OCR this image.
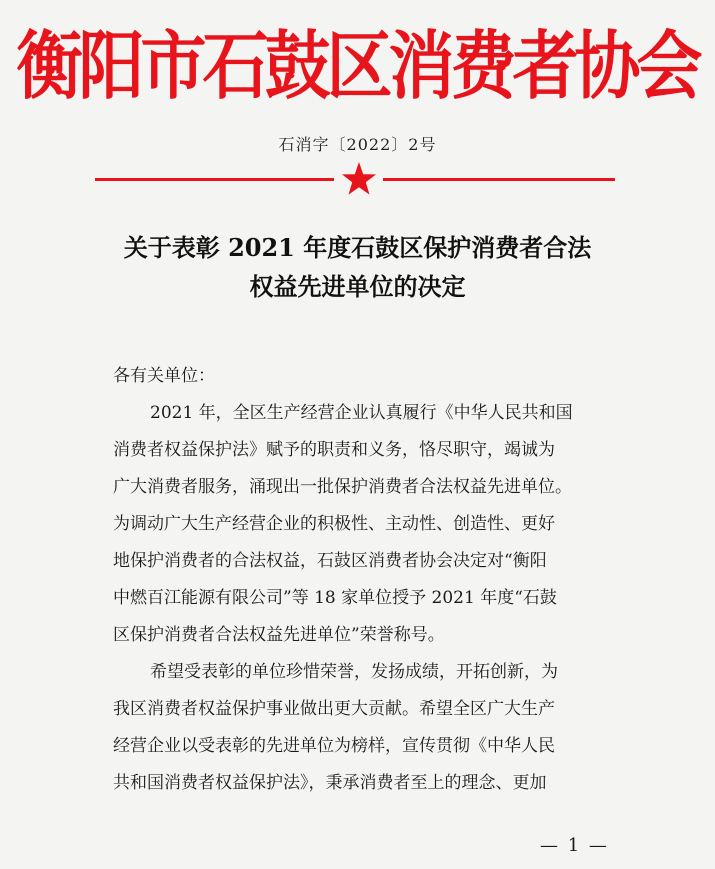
衡阳市石鼓区消费者协会
石消字〔2022〕2号
关于表彰 2021 年度石鼓区保护消费者合法
权益先进单位的决定
各有关单位：
2021 年，全区生产经营企业认真履行《中华人民共和国
消费者权益保护法》赋予的职责和义务，恪尽职守，竭诚为
广大消费者服务，涌现出一批保护消费者合法权益先进单位。
为调动广大生产经营企业的积极性、主动性、创造性、更好
地保护消费者的合法权益，石鼓区消费者协会决定对“衡阳
中燃百江能源有限公司”等 18 家单位授予 2021 年度“石鼓
区保护消费者合法权益先进单位”荣誉称号。
希望受表彰的单位珍惜荣誉，发扬成绩，开拓创新，为
我区消费者权益保护事业做出更大贡献。希望全区广大生产
经营企业以受表彰的先进单位为榜样，宣传贯彻《中华人民
共和国消费者权益保护法》，秉承消费者至上的理念、更加
— 1 —
